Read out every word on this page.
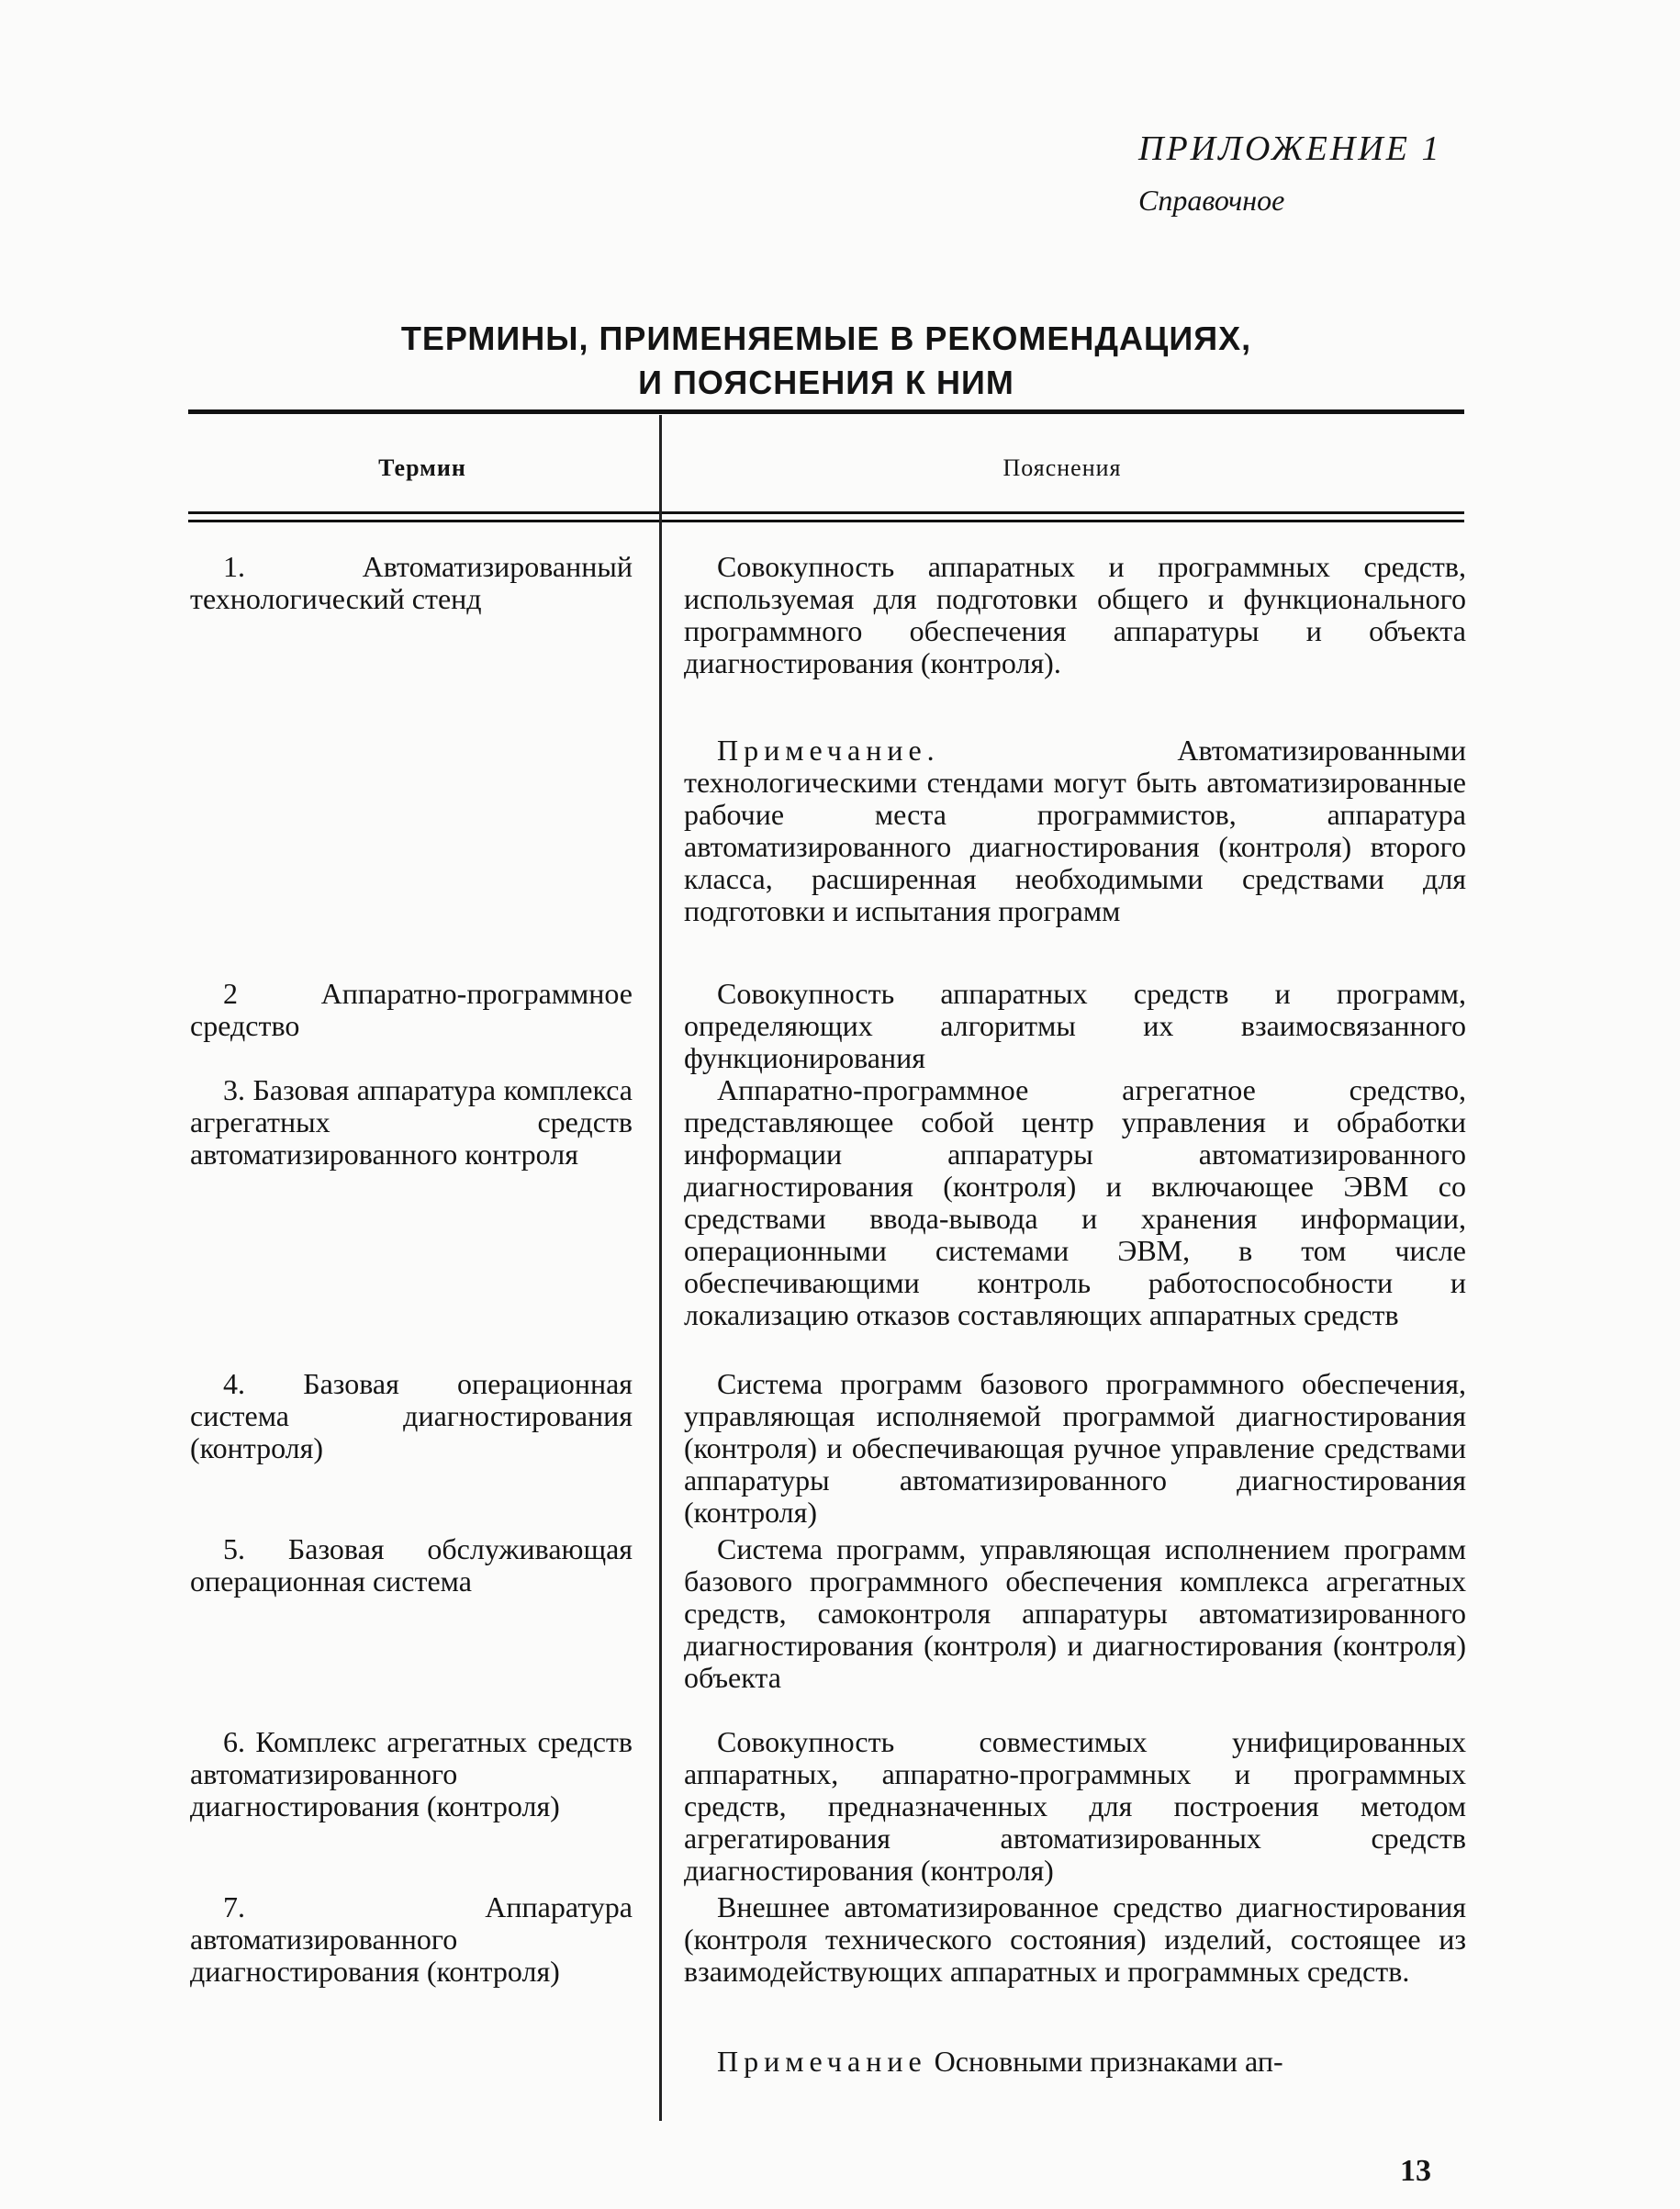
ПРИЛОЖЕНИЕ 1
Справочное
ТЕРМИНЫ, ПРИМЕНЯЕМЫЕ В РЕКОМЕНДАЦИЯХ,
И ПОЯСНЕНИЯ К НИМ
Термин	Пояснения
1. Автоматизированный технологический стенд
Совокупность аппаратных и программных средств, используемая для подготовки общего и функционального программного обеспечения аппаратуры и объекта диагностирования (контроля).
Примечание.	Автоматизированными технологическими стендами могут быть автоматизированные рабочие места программистов, аппаратура автоматизированного диагностирования (контроля) второго класса, расширенная необходимыми средствами для подготовки и испытания программ
2 Аппаратно-программное средство
Совокупность аппаратных средств и программ, определяющих алгоритмы их взаимосвязанного функционирования
3. Базовая аппаратура комплекса агрегатных средств автоматизированного контроля
Аппаратно-программное агрегатное средство, представляющее собой центр управления и обработки информации аппаратуры автоматизированного диагностирования (контроля) и включающее ЭВМ со средствами ввода-вывода и хранения информации, операционными системами ЭВМ, в том числе обеспечивающими контроль работоспособности и локализацию отказов составляющих аппаратных средств
4. Базовая операционная система диагностирования (контроля)
Система программ базового программного обеспечения, управляющая исполняемой программой диагностирования (контроля) и обеспечивающая ручное управление средствами аппаратуры автоматизированного диагностирования (контроля)
5. Базовая обслуживающая операционная система
Система программ, управляющая исполнением программ базового программного обеспечения комплекса агрегатных средств, самоконтроля аппаратуры автоматизированного диагностирования (контроля) и диагностирования (контроля) объекта
6. Комплекс агрегатных средств автоматизированного диагностирования (контроля)
Совокупность совместимых унифицированных аппаратных, аппаратно-программных и программных средств, предназначенных для построения методом агрегатирования автоматизированных средств диагностирования (контроля)
7. Аппаратура автоматизированного диагностирования (контроля)
Внешнее автоматизированное средство диагностирования (контроля технического состояния) изделий, состоящее из взаимодействующих аппаратных и программных средств.
Примечание Основными признаками ап-
13
